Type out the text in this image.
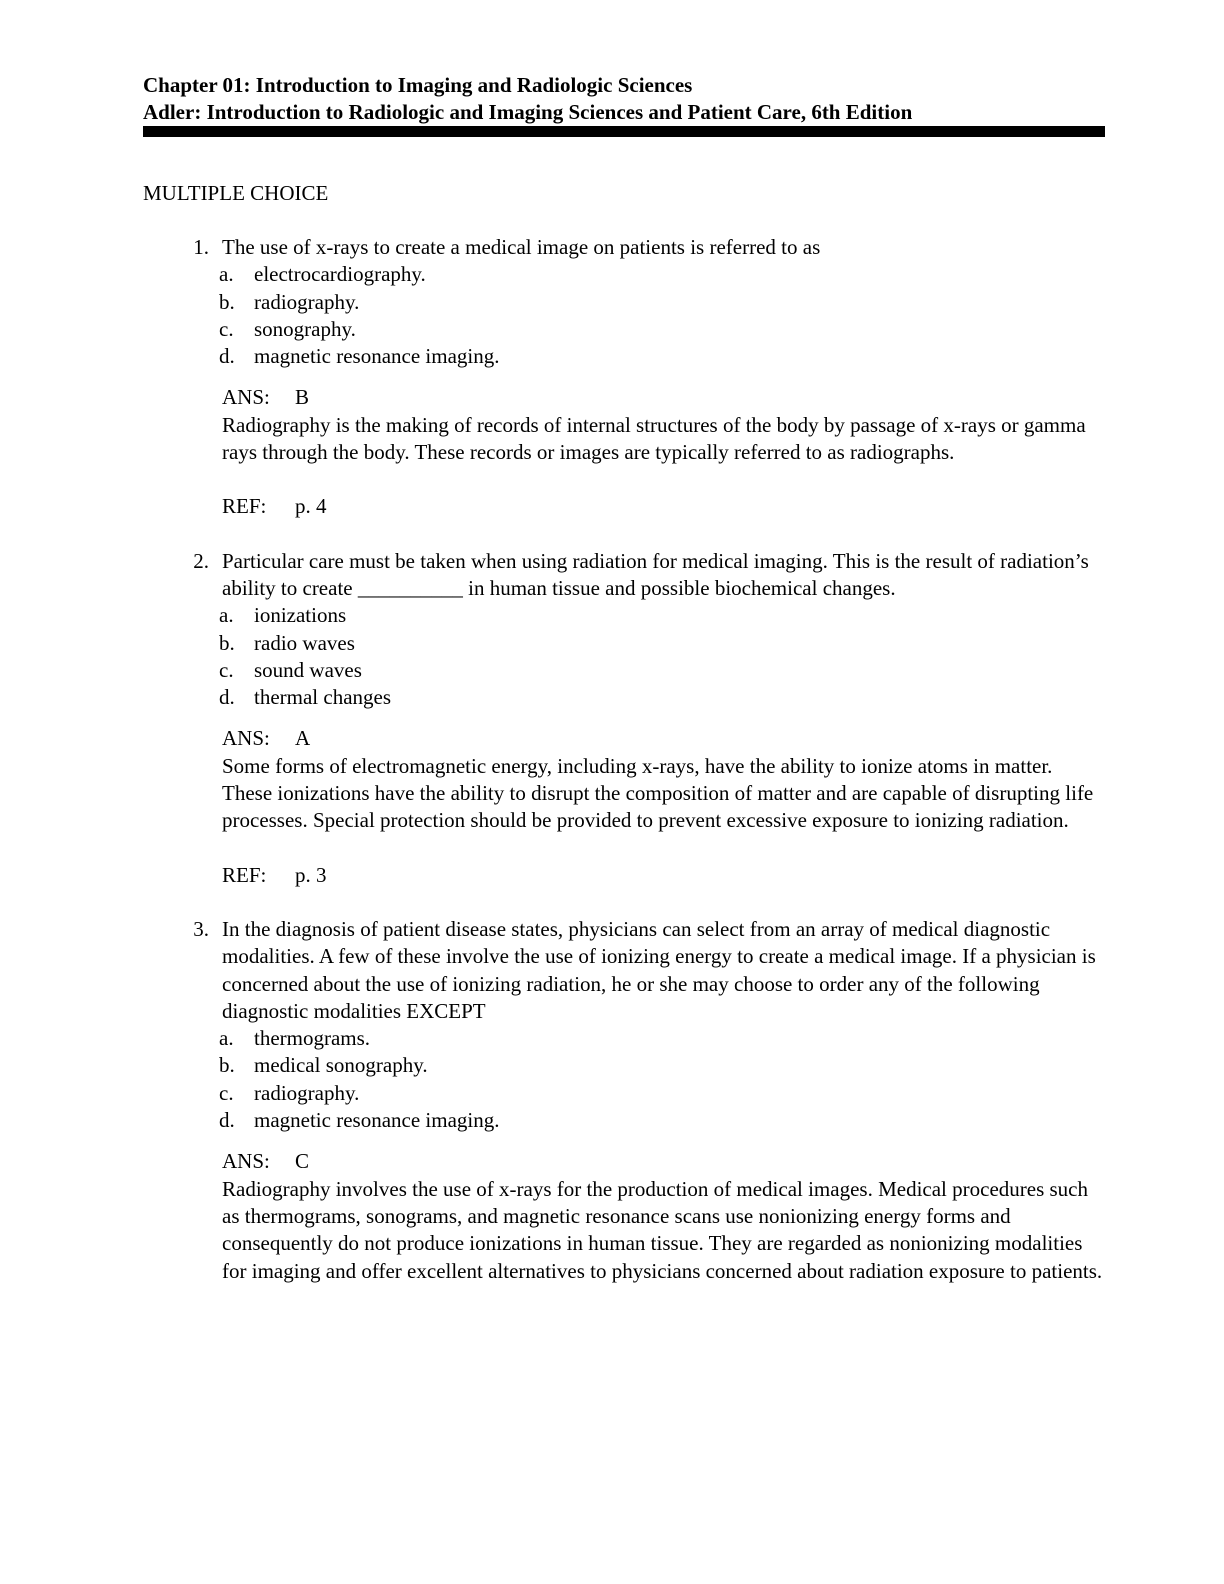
Chapter 01: Introduction to Imaging and Radiologic Sciences
Adler: Introduction to Radiologic and Imaging Sciences and Patient Care, 6th Edition
MULTIPLE CHOICE
1. The use of x-rays to create a medical image on patients is referred to as
a. electrocardiography.
b. radiography.
c. sonography.
d. magnetic resonance imaging.
ANS:	B
Radiography is the making of records of internal structures of the body by passage of x-rays or gamma rays through the body. These records or images are typically referred to as radiographs.
REF:	p. 4
2. Particular care must be taken when using radiation for medical imaging. This is the result of radiation’s ability to create __________ in human tissue and possible biochemical changes.
a. ionizations
b. radio waves
c. sound waves
d. thermal changes
ANS:	A
Some forms of electromagnetic energy, including x-rays, have the ability to ionize atoms in matter. These ionizations have the ability to disrupt the composition of matter and are capable of disrupting life processes. Special protection should be provided to prevent excessive exposure to ionizing radiation.
REF:	p. 3
3. In the diagnosis of patient disease states, physicians can select from an array of medical diagnostic modalities. A few of these involve the use of ionizing energy to create a medical image. If a physician is concerned about the use of ionizing radiation, he or she may choose to order any of the following diagnostic modalities EXCEPT
a. thermograms.
b. medical sonography.
c. radiography.
d. magnetic resonance imaging.
ANS:	C
Radiography involves the use of x-rays for the production of medical images. Medical procedures such as thermograms, sonograms, and magnetic resonance scans use nonionizing energy forms and consequently do not produce ionizations in human tissue. They are regarded as nonionizing modalities for imaging and offer excellent alternatives to physicians concerned about radiation exposure to patients.
